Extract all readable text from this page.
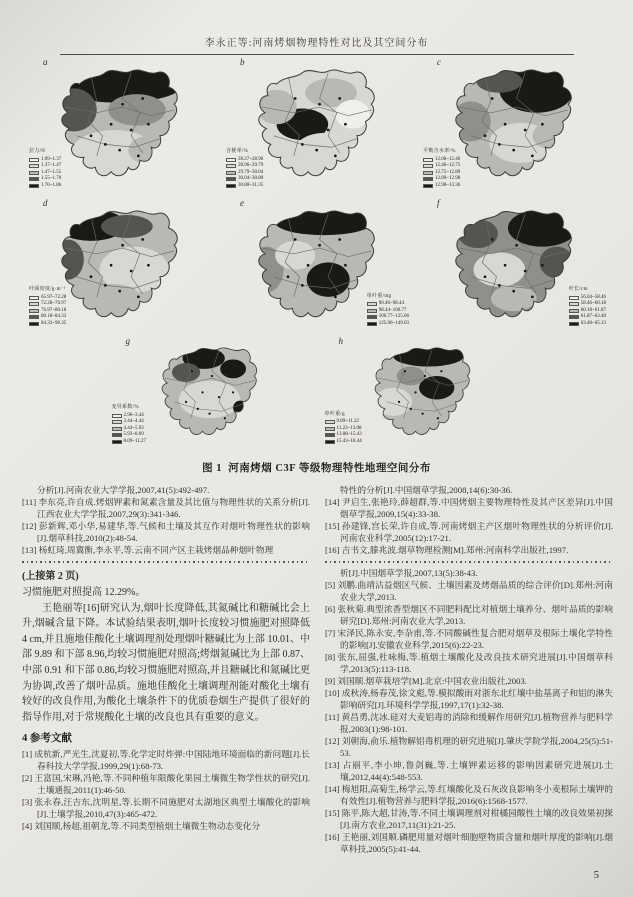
李永正等:河南烤烟物理特性对比及其空间分布
a
拉力/N
1.09~1.37
1.37~1.47
1.47~1.55
1.55~1.70
1.70~1.86
b
含梗率/%
28.27~28.96
28.96~29.79
29.79~30.04
30.04~30.80
30.80~31.35
c
平衡含水率/%
12.08~12.46
12.46~12.75
12.75~12.89
12.89~12.98
12.98~13.36
d
叶面密度/g·m⁻²
65.97~72.28
72.28~76.97
76.97~80.18
80.18~84.33
84.33~90.35
e
单叶重/mg
90.46~98.44
98.44~106.77
106.77~125.06
125.06~149.03
f
叶长/cm
56.04~58.46
58.46~60.18
60.18~61.87
61.87~63.40
63.40~65.13
g
变异系数/%
2.96~3.44
3.44~4.44
4.44~5.93
5.93~8.09
8.09~11.27
h
单叶重/g
9.89~11.22
11.22~13.08
13.08~15.43
15.43~18.44
图 1 河南烤烟 C3F 等级物理特性地理空间分布
分析[J].河南农业大学学报,2007,41(5):492-497.
[11] 李东亮,许自成.烤烟钾素和氮素含量及其比值与物理性状的关系分析[J].江西农业大学学报,2007,29(3):341-346.
[12] 彭新辉,邓小华,易建华,等.气候和土壤及其互作对烟叶物理性状的影响[J].烟草科技,2010(2):48-54.
[13] 杨虹琦,周冀衡,李永平,等.云南不同产区主栽烤烟品种烟叶物理
(上接第 2 页)
习惯施肥对照提高 12.29%。

王艳丽等[16]研究认为,烟叶长度降低,其氮碱比和糖碱比会上升,烟碱含量下降。本试验结果表明,烟叶长度较习惯施肥对照降低 4 cm,并且施地佳酸化土壤调理剂处理烟叶糖碱比为上部 10.01、中部 9.89 和下部 8.96,均较习惯施肥对照高;烤烟氮碱比为上部 0.87、中部 0.91 和下部 0.86,均较习惯施肥对照高,并且糖碱比和氮碱比更为协调,改善了烟叶品质。施地佳酸化土壤调理剂能对酸化土壤有较好的改良作用,为酸化土壤条件下的优质卷烟生产提供了很好的指导作用,对于常规酸化土壤的改良也具有重要的意义。

4 参考文献
[1] 成杭新,严光生,沈夏初,等.化学定时炸弹:中国陆地环境面临的新问题[J].长春科技大学学报,1999,29(1):68-73.
[2] 王富国,宋琳,冯艳,等.不同种植年限酸化果园土壤微生物学性状的研究[J].土壤通报,2011(1):46-50.
[3] 张永春,汪吉东,沈明星,等.长期不同施肥对太湖地区典型土壤酸化的影响[J].土壤学报,2010,47(3):465-472.
[4] 刘国顺,杨超,祖朝龙,等.不同类型植烟土壤微生物动态变化分
特性的分析[J].中国烟草学报,2008,14(6):30-36.
[14] 尹启生,张艳玲,薛超群,等.中国烤烟主要物理特性及其产区差异[J].中国烟草学报,2009,15(4):33-38.
[15] 孙建锋,宫长荣,许自成,等.河南烤烟主产区烟叶物理性状的分析评价[J].河南农业科学,2005(12):17-21.
[16] 吉书文,滕兆波.烟草物理检测[M].郑州:河南科学出版社,1997.
析[J].中国烟草学报,2007,13(5):38-43.
[5] 刘鹏.曲靖沾益烟区气候、土壤因素及烤烟品质的综合评价[D].郑州:河南农业大学,2013.
[6] 张秋菊.典型浓香型烟区不同肥料配比对植烟土壤养分、烟叶品质的影响研究[D].郑州:河南农业大学,2013.
[7] 宋泽民,陈永安,李杂甫,等.不同酸碱性复合肥对烟草及根际土壤化学特性的影响[J].安徽农业科学,2015(6):22-23.
[8] 张东,屈强,杜咏梅,等.植烟土壤酸化及改良技术研究进展[J].中国烟草科学,2013(5):113-118.
[9] 刘国顺.烟草栽培学[M].北京:中国农业出版社,2003.
[10] 成秋涛,杨春茂,徐文彪,等.模拟酸雨对浙东北红壤中盐基离子和铝的淋失影响研究[J].环境科学学报,1997,17(1):32-38.
[11] 黄昌勇,沈冰.硅对大麦铝毒的消除和缓解作用研究[J].植物营养与肥料学报,2003(1):98-101.
[12] 刘朝海,俞乐.植物解铝毒机理的研究进展[J].肇庆学院学报,2004,25(5):51-53.
[13] 占丽平,李小坤,鲁剑巍,等.土壤钾素运移的影响因素研究进展[J].土壤,2012,44(4):548-553.
[14] 梅旭阳,高菊生,杨学云,等.红壤酸化及石灰改良影响冬小麦根际土壤钾的有效性[J].植物营养与肥料学报,2016(6):1568-1577.
[15] 陈平,陈大超,甘涛,等.不同土壤调理剂对柑橘园酸性土壤的改良效果初探[J].南方农业,2017,11(31):21-25.
[16] 王艳丽,刘国顺.磷肥用量对烟叶细胞壁物质含量和烟叶厚度的影响[J].烟草科技,2005(5):41-44.
5
